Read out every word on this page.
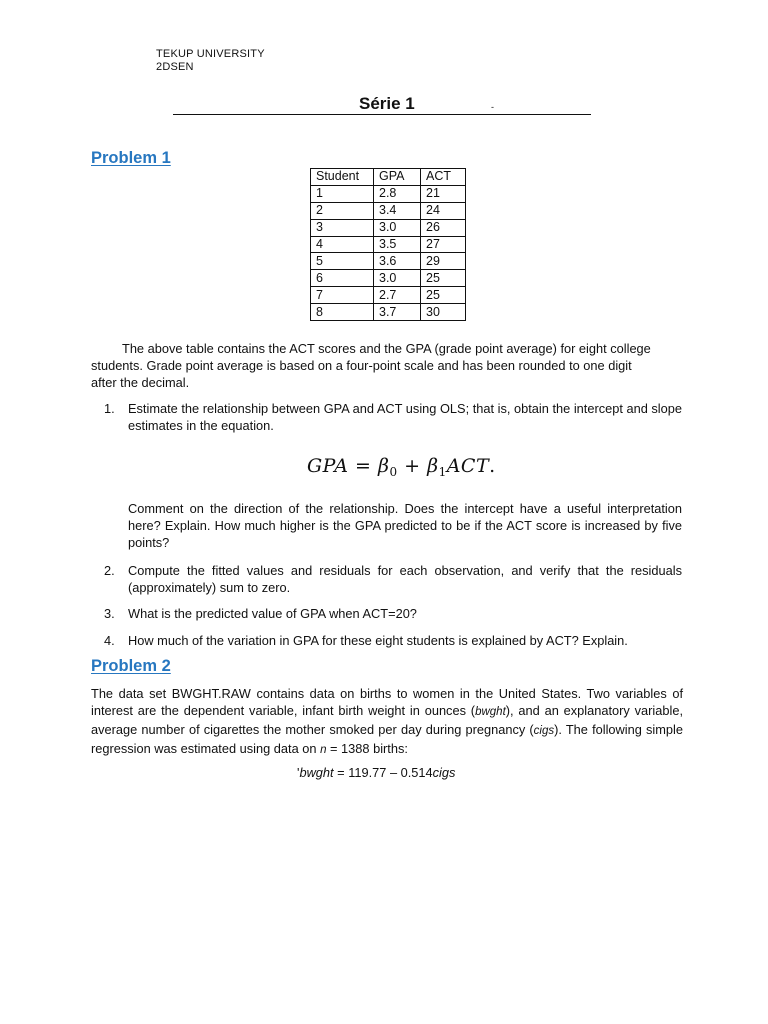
TEKUP UNIVERSITY
2DSEN
Série 1	-
Problem 1
Student	GPA	ACT
1	2.8	21
2	3.4	24
3	3.0	26
4	3.5	27
5	3.6	29
6	3.0	25
7	2.7	25
8	3.7	30
The above table contains the ACT scores and the GPA (grade point average) for eight college
students. Grade point average is based on a four-point scale and has been rounded to one digit
after the decimal.
1. Estimate the relationship between GPA and ACT using OLS; that is, obtain the intercept and slope estimates in the equation.
GPA = $\beta_0 + \beta_1ACT$.
Comment on the direction of the relationship. Does the intercept have a useful interpretation here? Explain. How much higher is the GPA predicted to be if the ACT score is increased by five points?
2. Compute the fitted values and residuals for each observation, and verify that the residuals (approximately) sum to zero.
3. What is the predicted value of GPA when ACT=20?
4. How much of the variation in GPA for these eight students is explained by ACT? Explain.
Problem 2
The data set BWGHT.RAW contains data on births to women in the United States. Two variables of interest are the dependent variable, infant birth weight in ounces (bwght), and an explanatory variable, average number of cigarettes the mother smoked per day during pregnancy (cigs). The following simple regression was estimated using data on n = 1388 births:
'bwght = 119.77 – 0.514cigs
